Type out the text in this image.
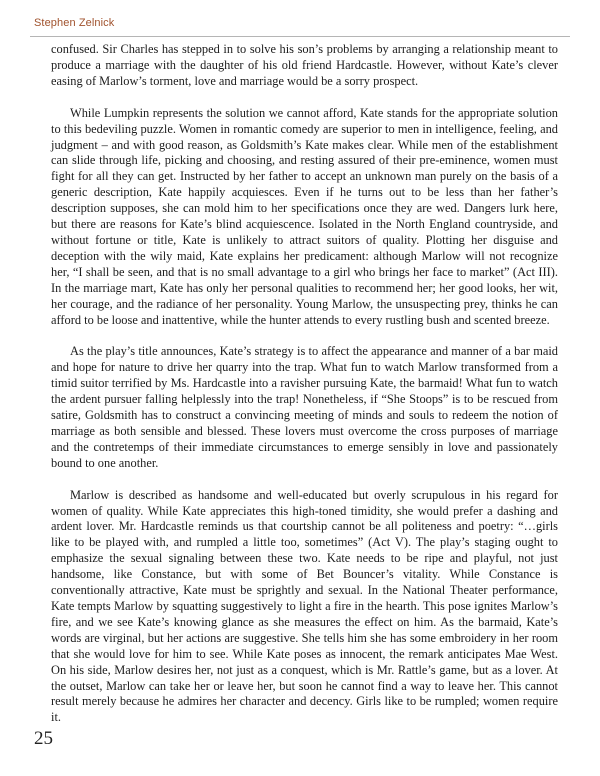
Stephen Zelnick

confused. Sir Charles has stepped in to solve his son’s problems by arranging a relationship meant to produce a marriage with the daughter of his old friend Hardcastle. However, without Kate’s clever easing of Marlow’s torment, love and marriage would be a sorry prospect.

While Lumpkin represents the solution we cannot afford, Kate stands for the appropriate solution to this bedeviling puzzle. Women in romantic comedy are superior to men in intelligence, feeling, and judgment – and with good reason, as Goldsmith’s Kate makes clear. While men of the establishment can slide through life, picking and choosing, and resting assured of their pre-eminence, women must fight for all they can get. Instructed by her father to accept an unknown man purely on the basis of a generic description, Kate happily acquiesces. Even if he turns out to be less than her father’s description supposes, she can mold him to her specifications once they are wed. Dangers lurk here, but there are reasons for Kate’s blind acquiescence. Isolated in the North England countryside, and without fortune or title, Kate is unlikely to attract suitors of quality. Plotting her disguise and deception with the wily maid, Kate explains her predicament: although Marlow will not recognize her, “I shall be seen, and that is no small advantage to a girl who brings her face to market” (Act III). In the marriage mart, Kate has only her personal qualities to recommend her; her good looks, her wit, her courage, and the radiance of her personality. Young Marlow, the unsuspecting prey, thinks he can afford to be loose and inattentive, while the hunter attends to every rustling bush and scented breeze.

As the play’s title announces, Kate’s strategy is to affect the appearance and manner of a bar maid and hope for nature to drive her quarry into the trap. What fun to watch Marlow transformed from a timid suitor terrified by Ms. Hardcastle into a ravisher pursuing Kate, the barmaid! What fun to watch the ardent pursuer falling helplessly into the trap! Nonetheless, if “She Stoops” is to be rescued from satire, Goldsmith has to construct a convincing meeting of minds and souls to redeem the notion of marriage as both sensible and blessed. These lovers must overcome the cross purposes of marriage and the contretemps of their immediate circumstances to emerge sensibly in love and passionately bound to one another.

Marlow is described as handsome and well-educated but overly scrupulous in his regard for women of quality. While Kate appreciates this high-toned timidity, she would prefer a dashing and ardent lover. Mr. Hardcastle reminds us that courtship cannot be all politeness and poetry: “…girls like to be played with, and rumpled a little too, sometimes” (Act V). The play’s staging ought to emphasize the sexual signaling between these two. Kate needs to be ripe and playful, not just handsome, like Constance, but with some of Bet Bouncer’s vitality. While Constance is conventionally attractive, Kate must be sprightly and sexual. In the National Theater performance, Kate tempts Marlow by squatting suggestively to light a fire in the hearth. This pose ignites Marlow’s fire, and we see Kate’s knowing glance as she measures the effect on him. As the barmaid, Kate’s words are virginal, but her actions are suggestive. She tells him she has some embroidery in her room that she would love for him to see. While Kate poses as innocent, the remark anticipates Mae West. On his side, Marlow desires her, not just as a conquest, which is Mr. Rattle’s game, but as a lover. At the outset, Marlow can take her or leave her, but soon he cannot find a way to leave her. This cannot result merely because he admires her character and decency. Girls like to be rumpled; women require it.

25
